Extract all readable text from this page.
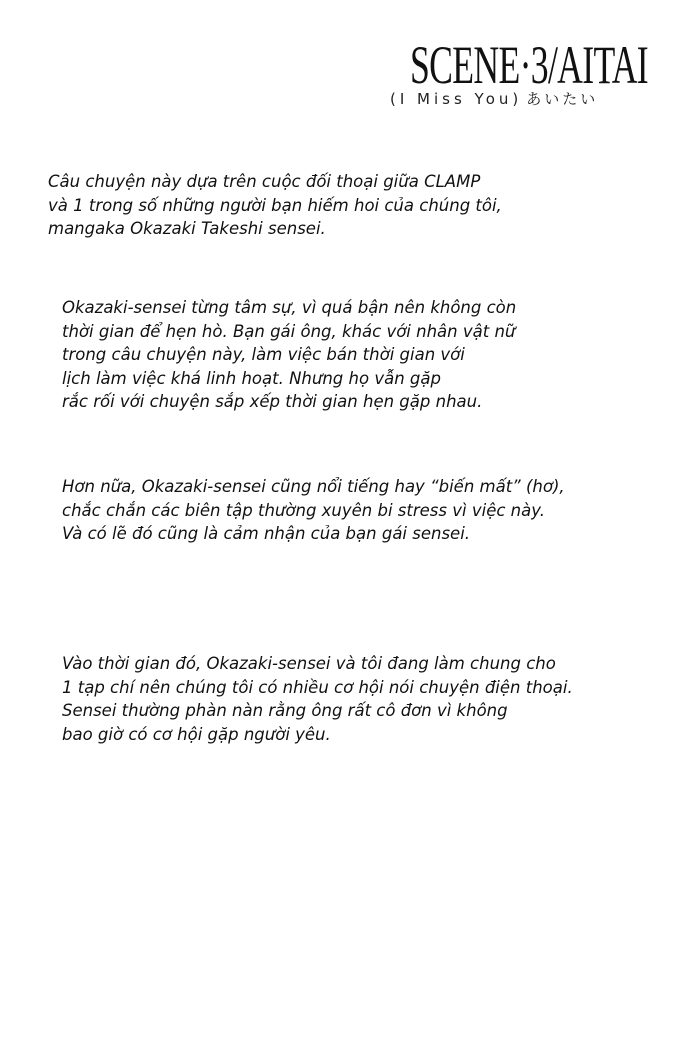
SCENE·3/AITAI
(I Miss You) あいたい
Câu chuyện này dựa trên cuộc đối thoại giữa CLAMP
và 1 trong số những người bạn hiếm hoi của chúng tôi,
mangaka Okazaki Takeshi sensei.
Okazaki-sensei từng tâm sự, vì quá bận nên không còn
thời gian để hẹn hò. Bạn gái ông, khác với nhân vật nữ
trong câu chuyện này, làm việc bán thời gian với
lịch làm việc khá linh hoạt. Nhưng họ vẫn gặp
rắc rối với chuyện sắp xếp thời gian hẹn gặp nhau.
Hơn nữa, Okazaki-sensei cũng nổi tiếng hay “biến mất” (hơ),
chắc chắn các biên tập thường xuyên bi stress vì việc này.
Và có lẽ đó cũng là cảm nhận của bạn gái sensei.
Vào thời gian đó, Okazaki-sensei và tôi đang làm chung cho
1 tạp chí nên chúng tôi có nhiều cơ hội nói chuyện điện thoại.
Sensei thường phàn nàn rằng ông rất cô đơn vì không
bao giờ có cơ hội gặp người yêu.
